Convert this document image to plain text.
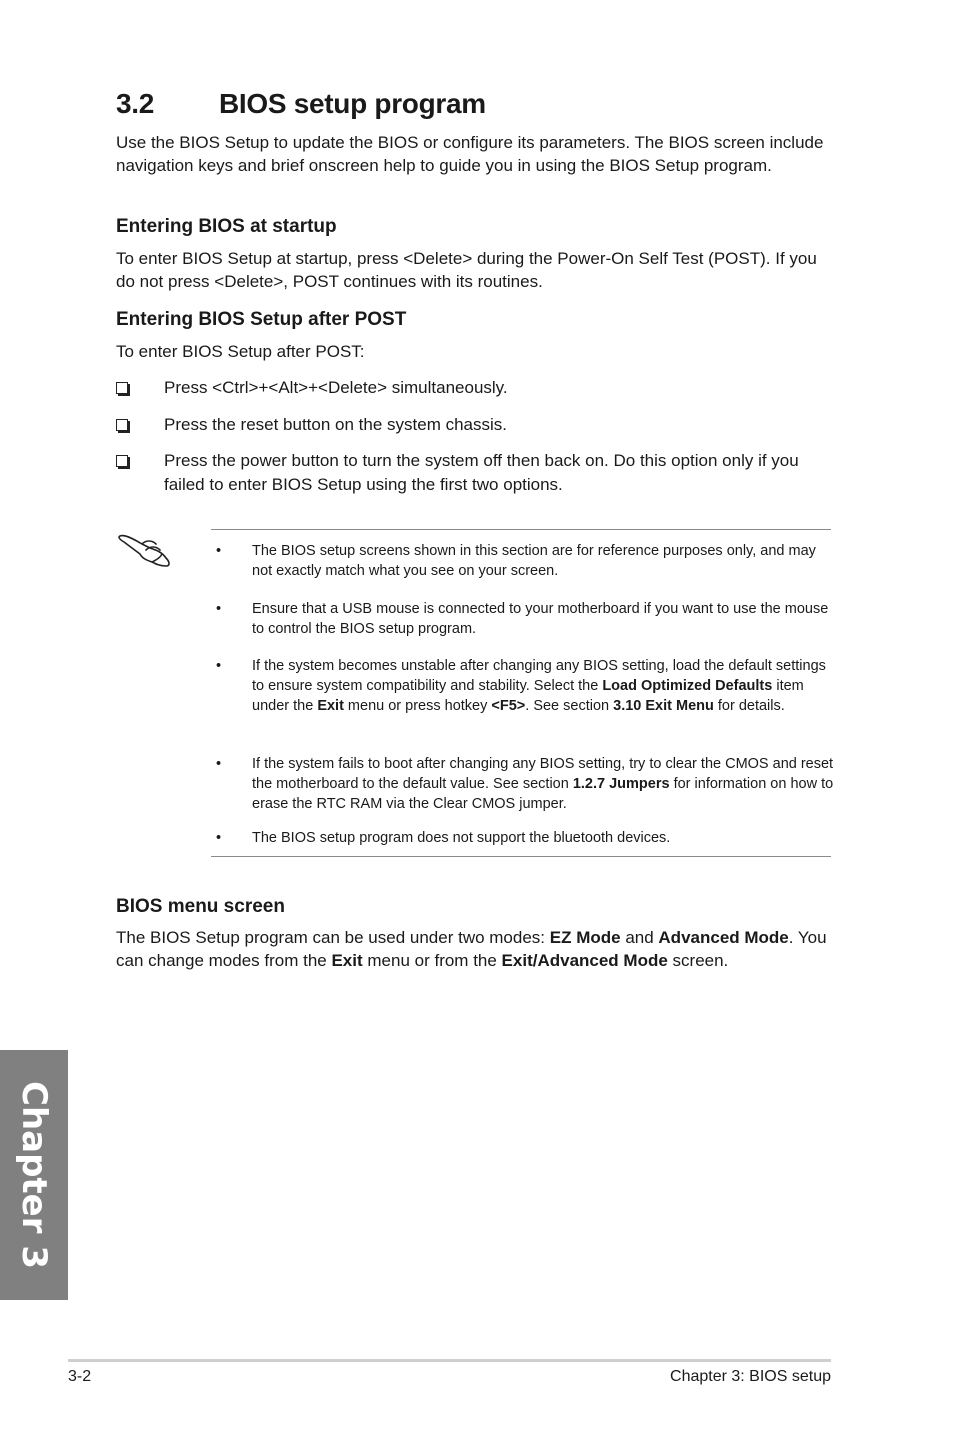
3.2 BIOS setup program
Use the BIOS Setup to update the BIOS or configure its parameters. The BIOS screen include navigation keys and brief onscreen help to guide you in using the BIOS Setup program.
Entering BIOS at startup
To enter BIOS Setup at startup, press <Delete> during the Power-On Self Test (POST). If you do not press <Delete>, POST continues with its routines.
Entering BIOS Setup after POST
To enter BIOS Setup after POST:
Press <Ctrl>+<Alt>+<Delete> simultaneously.
Press the reset button on the system chassis.
Press the power button to turn the system off then back on. Do this option only if you failed to enter BIOS Setup using the first two options.
• The BIOS setup screens shown in this section are for reference purposes only, and may not exactly match what you see on your screen.
• Ensure that a USB mouse is connected to your motherboard if you want to use the mouse to control the BIOS setup program.
• If the system becomes unstable after changing any BIOS setting, load the default settings to ensure system compatibility and stability. Select the Load Optimized Defaults item under the Exit menu or press hotkey <F5>. See section 3.10 Exit Menu for details.
• If the system fails to boot after changing any BIOS setting, try to clear the CMOS and reset the motherboard to the default value. See section 1.2.7 Jumpers for information on how to erase the RTC RAM via the Clear CMOS jumper.
• The BIOS setup program does not support the bluetooth devices.
BIOS menu screen
The BIOS Setup program can be used under two modes: EZ Mode and Advanced Mode. You can change modes from the Exit menu or from the Exit/Advanced Mode screen.
Chapter 3
3-2	Chapter 3: BIOS setup
